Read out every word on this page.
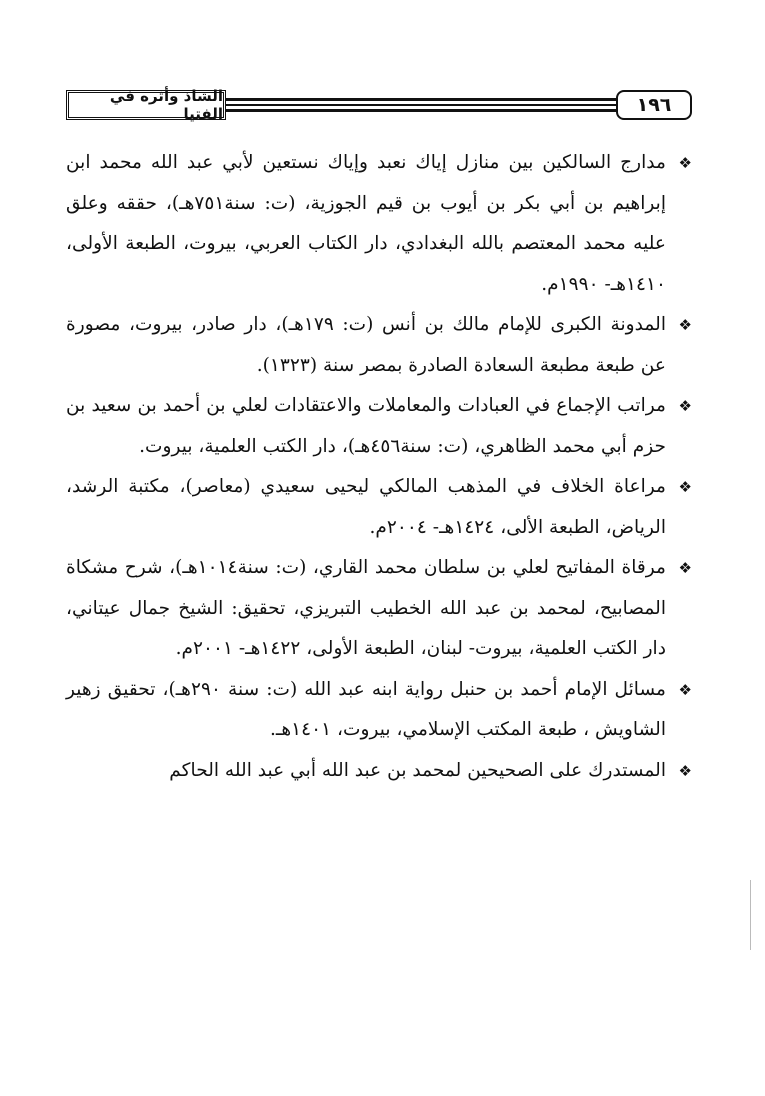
الشاذ وأثره في الفتيا	١٩٦

❖
مدارج السالكين بين منازل إياك نعبد وإياك نستعين لأبي عبد الله محمد ابن إبراهيم بن أبي بكر بن أيوب بن قيم الجوزية، (ت: سنة٧٥١هـ)، حققه وعلق عليه محمد المعتصم بالله البغدادي، دار الكتاب العربي، بيروت، الطبعة الأولى، ١٤١٠هـ- ١٩٩٠م.

❖
المدونة الكبرى للإمام مالك بن أنس (ت: ١٧٩هـ)، دار صادر، بيروت، مصورة عن طبعة مطبعة السعادة الصادرة بمصر سنة (١٣٢٣).

❖
مراتب الإجماع في العبادات والمعاملات والاعتقادات لعلي بن أحمد بن سعيد بن حزم أبي محمد الظاهري، (ت: سنة٤٥٦هـ)، دار الكتب العلمية، بيروت.

❖
مراعاة الخلاف في المذهب المالكي ليحيى سعيدي (معاصر)، مكتبة الرشد، الرياض، الطبعة الألى، ١٤٢٤هـ- ٢٠٠٤م.

❖
مرقاة المفاتيح لعلي بن سلطان محمد القاري، (ت: سنة١٠١٤هـ)، شرح مشكاة المصابيح، لمحمد بن عبد الله الخطيب التبريزي، تحقيق: الشيخ جمال عيتاني، دار الكتب العلمية، بيروت- لبنان، الطبعة الأولى، ١٤٢٢هـ- ٢٠٠١م.

❖
مسائل الإمام أحمد بن حنبل رواية ابنه عبد الله (ت: سنة ٢٩٠هـ)، تحقيق زهير الشاويش ، طبعة المكتب الإسلامي، بيروت، ١٤٠١هـ.

❖
المستدرك على الصحيحين لمحمد بن عبد الله أبي عبد الله الحاكم
